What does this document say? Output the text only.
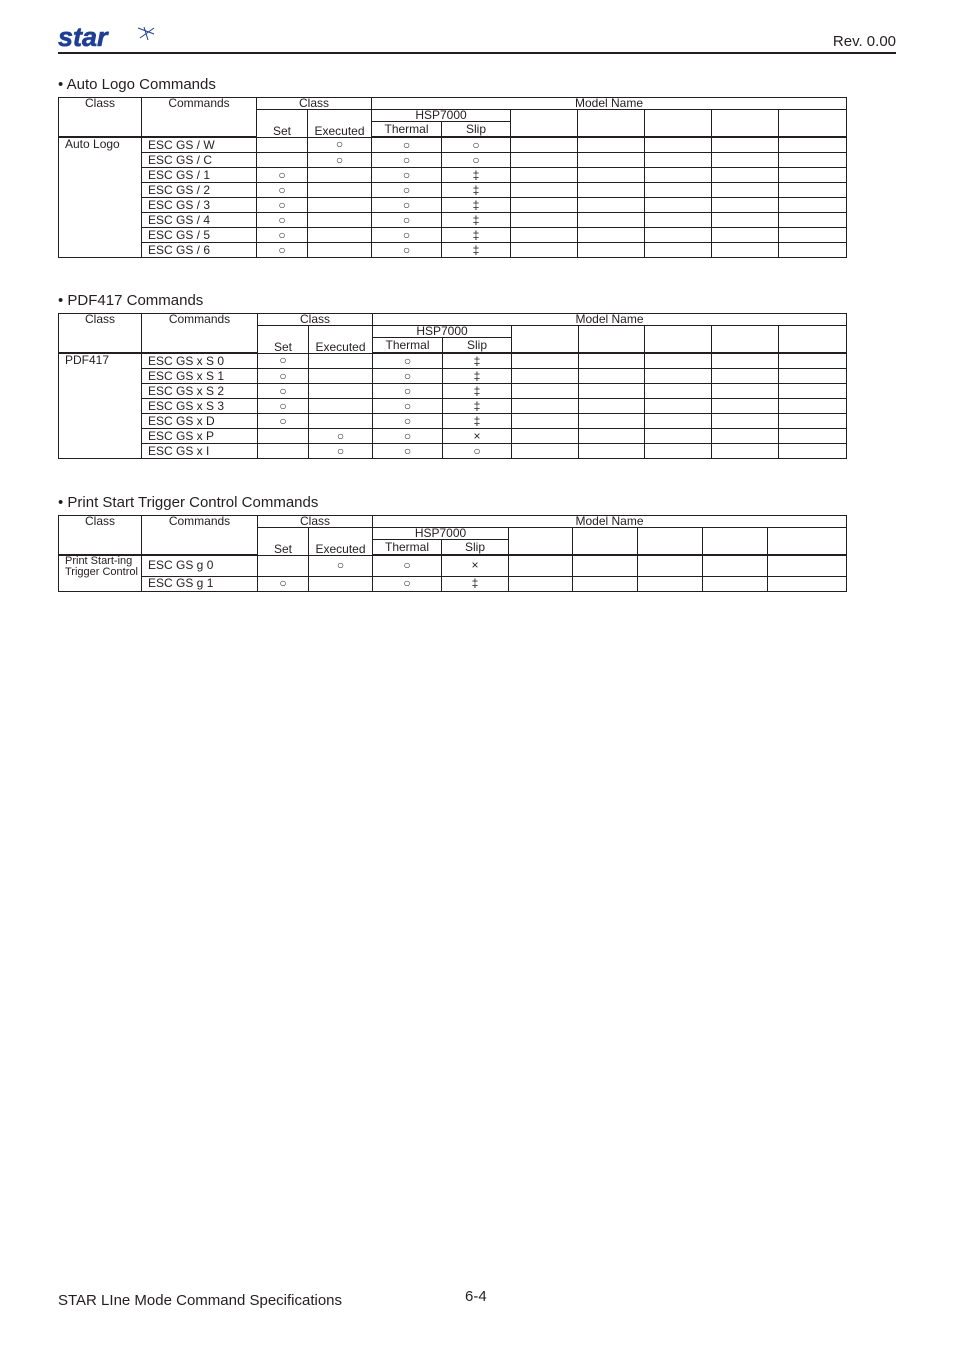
star	Rev. 0.00
• Auto Logo Commands
Class	Commands	Class		Model Name						
		Set	Executed	HSP7000						
				Thermal	Slip					
Auto Logo	ESC GS / W		○	○	○					
	ESC GS / C		○	○	○					
	ESC GS / 1	○		○	‡					
	ESC GS / 2	○		○	‡					
	ESC GS / 3	○		○	‡					
	ESC GS / 4	○		○	‡					
	ESC GS / 5	○		○	‡					
	ESC GS / 6	○		○	‡					
• PDF417 Commands
Class	Commands	Class		Model Name						
		Set	Executed	HSP7000						
				Thermal	Slip					
PDF417	ESC GS x S 0	○		○	‡					
	ESC GS x S 1	○		○	‡					
	ESC GS x S 2	○		○	‡					
	ESC GS x S 3	○		○	‡					
	ESC GS x D	○		○	‡					
	ESC GS x P		○	○	×					
	ESC GS x I		○	○	○					
• Print Start Trigger Control Commands
Class	Commands	Class		Model Name						
		Set	Executed	HSP7000						
				Thermal	Slip					
Print Start-ing Trigger Control	ESC GS g 0		○	○	×					
	ESC GS g 1	○		○	‡					
STAR LIne Mode Command Specifications	6-4
